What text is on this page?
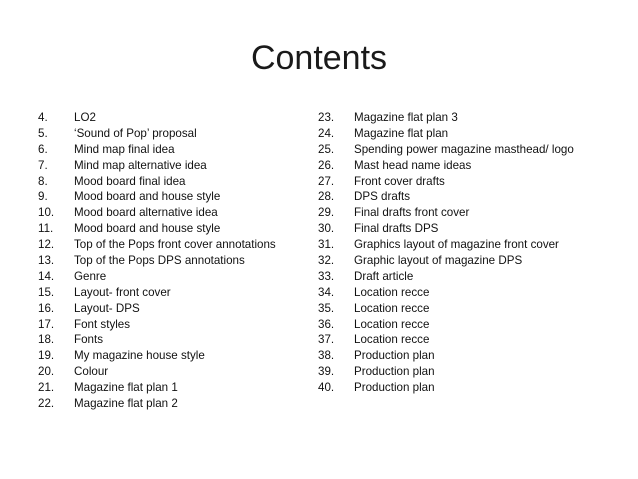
Contents
4.	LO2
5.	‘Sound of Pop’ proposal
6.	Mind map final idea
7.	Mind map alternative idea
8.	Mood board final idea
9.	Mood board and house style
10.	Mood board alternative idea
11.	Mood board and house style
12.	Top of the Pops front cover annotations
13.	Top of the Pops DPS annotations
14.	Genre
15.	Layout- front cover
16.	Layout- DPS
17.	Font styles
18.	Fonts
19.	My magazine house style
20.	Colour
21.	Magazine flat plan 1
22.	Magazine flat plan 2
23.	Magazine flat plan 3
24.	Magazine flat plan
25.	Spending power magazine masthead/ logo
26.	Mast head name ideas
27.	Front cover drafts
28.	DPS drafts
29.	Final drafts front cover
30.	Final drafts DPS
31.	Graphics layout of magazine front cover
32.	Graphic layout of magazine DPS
33.	Draft article
34.	Location recce
35.	Location recce
36.	Location recce
37.	Location recce
38.	Production plan
39.	Production plan
40.	Production plan
